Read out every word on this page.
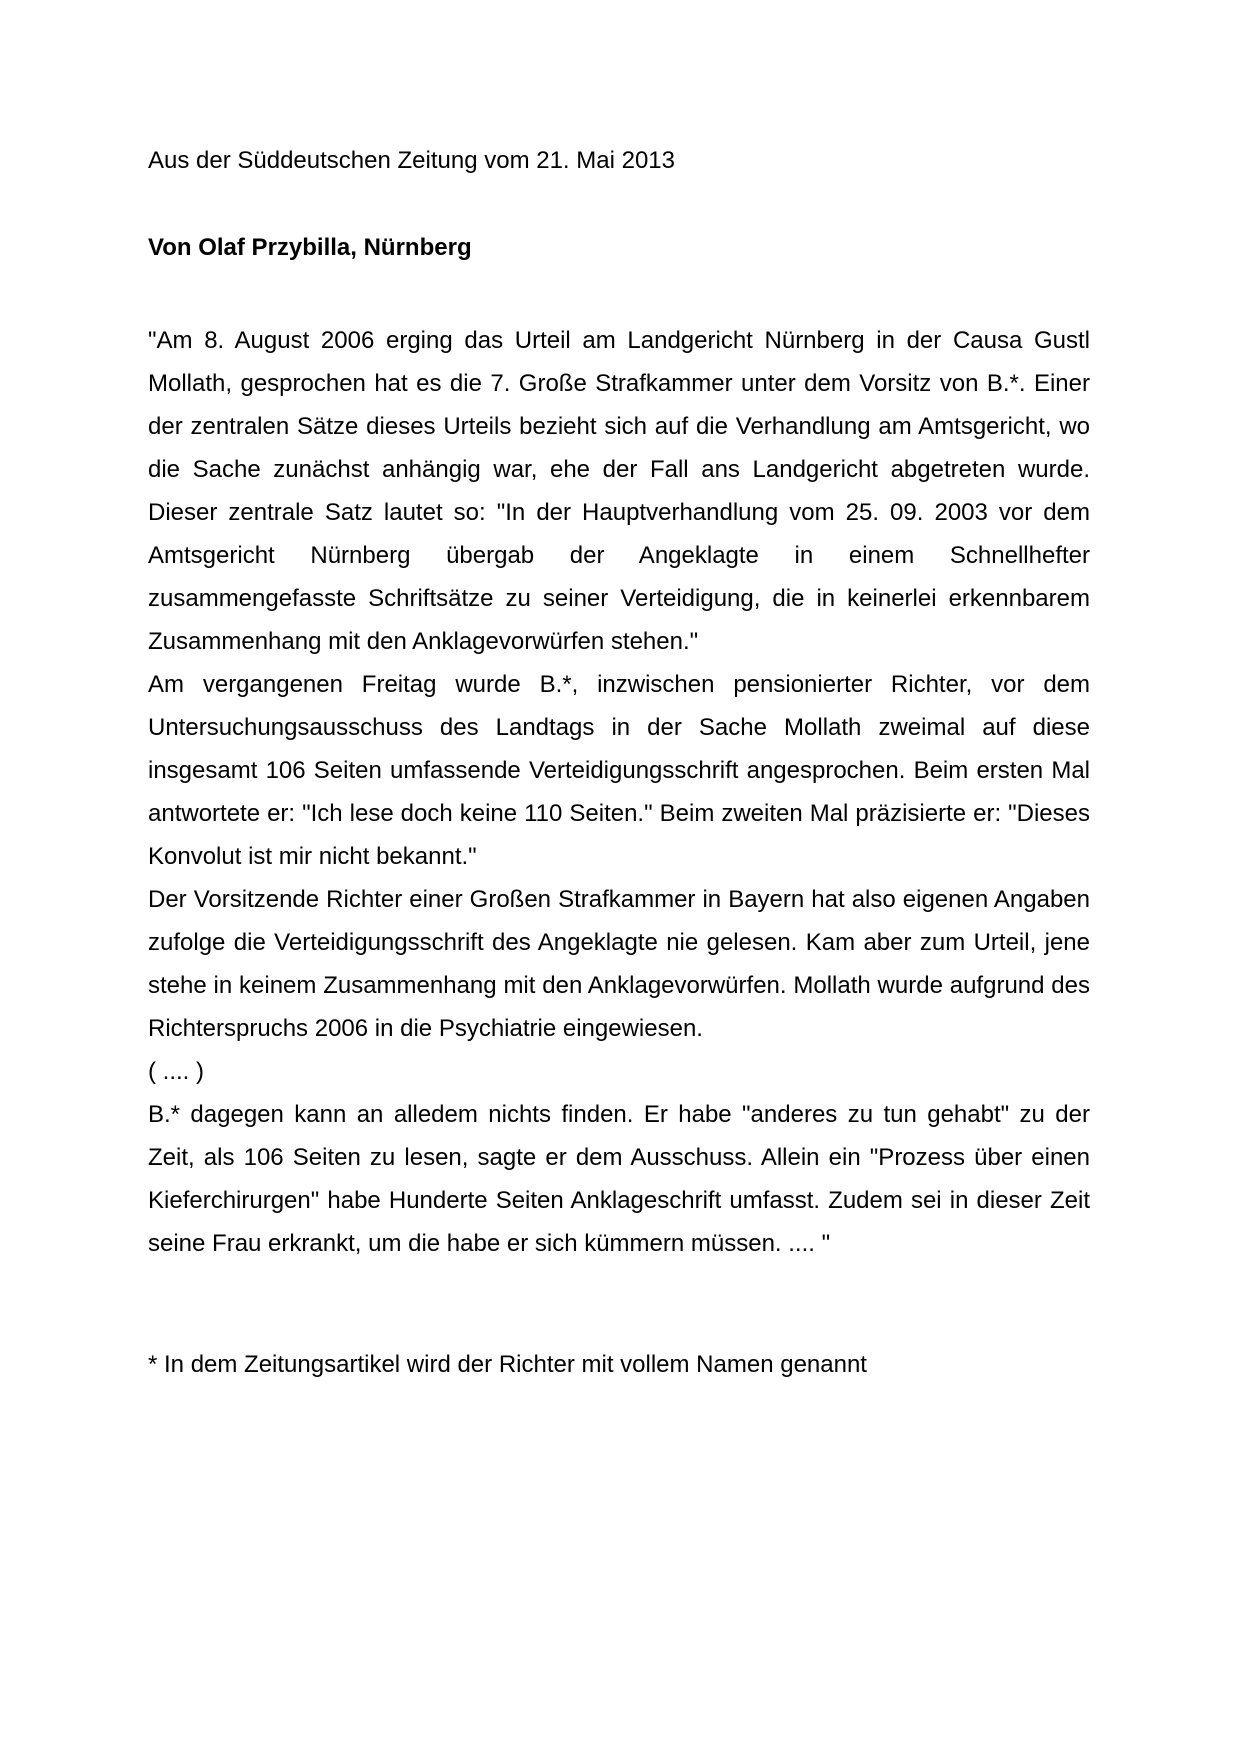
Aus der Süddeutschen Zeitung vom 21. Mai 2013

Von Olaf Przybilla, Nürnberg

"Am 8. August 2006 erging das Urteil am Landgericht Nürnberg in der Causa Gustl Mollath, gesprochen hat es die 7. Große Strafkammer unter dem Vorsitz von B.*. Einer der zentralen Sätze dieses Urteils bezieht sich auf die Verhandlung am Amtsgericht, wo die Sache zunächst anhängig war, ehe der Fall ans Landgericht abgetreten wurde. Dieser zentrale Satz lautet so: "In der Hauptverhandlung vom 25. 09. 2003 vor dem Amtsgericht Nürnberg übergab der Angeklagte in einem Schnellhefter zusammengefasste Schriftsätze zu seiner Verteidigung, die in keinerlei erkennbarem Zusammenhang mit den Anklagevorwürfen stehen."

Am vergangenen Freitag wurde B.*, inzwischen pensionierter Richter, vor dem Untersuchungsausschuss des Landtags in der Sache Mollath zweimal auf diese insgesamt 106 Seiten umfassende Verteidigungsschrift angesprochen. Beim ersten Mal antwortete er: "Ich lese doch keine 110 Seiten." Beim zweiten Mal präzisierte er: "Dieses Konvolut ist mir nicht bekannt."

Der Vorsitzende Richter einer Großen Strafkammer in Bayern hat also eigenen Angaben zufolge die Verteidigungsschrift des Angeklagte nie gelesen. Kam aber zum Urteil, jene stehe in keinem Zusammenhang mit den Anklagevorwürfen. Mollath wurde aufgrund des Richterspruchs 2006 in die Psychiatrie eingewiesen.

( .... )

B.* dagegen kann an alledem nichts finden. Er habe "anderes zu tun gehabt" zu der Zeit, als 106 Seiten zu lesen, sagte er dem Ausschuss. Allein ein "Prozess über einen Kieferchirurgen" habe Hunderte Seiten Anklageschrift umfasst. Zudem sei in dieser Zeit seine Frau erkrankt, um die habe er sich kümmern müssen. .... "

* In dem Zeitungsartikel wird der Richter mit vollem Namen genannt
